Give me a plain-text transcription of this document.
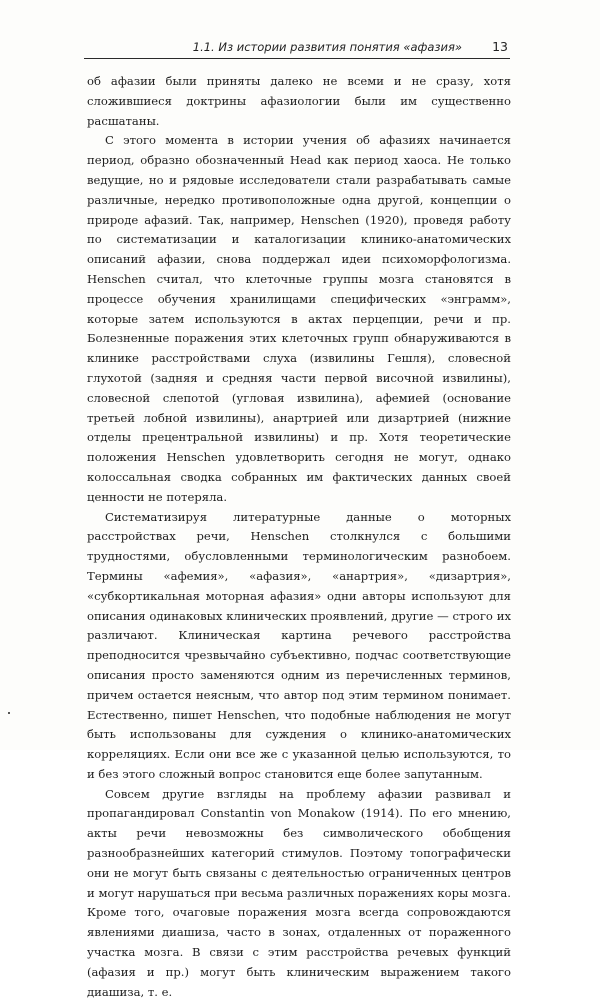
1.1. Из истории развития понятия «афазия» 13

об афазии были приняты далеко не всеми и не сразу, хотя сложившиеся доктрины афазиологии были им существенно расшатаны.

С этого момента в истории учения об афазиях начинается период, образно обозначенный Head как период хаоса. Не только ведущие, но и рядовые исследователи стали разрабатывать самые различные, нередко противоположные одна другой, концепции о природе афазий. Так, например, Henschen (1920), проведя работу по систематизации и каталогизации клинико-анатомических описаний афазии, снова поддержал идеи психоморфологизма. Henschen считал, что клеточные группы мозга становятся в процессе обучения хранилищами специфических «энграмм», которые затем используются в актах перцепции, речи и пр. Болезненные поражения этих клеточных групп обнаруживаются в клинике расстройствами слуха (извилины Гешля), словесной глухотой (задняя и средняя части первой височной извилины), словесной слепотой (угловая извилина), афемией (основание третьей лобной извилины), анартрией или дизартрией (нижние отделы прецентральной извилины) и пр. Хотя теоретические положения Henschen удовлетворить сегодня не могут, однако колоссальная сводка собранных им фактических данных своей ценности не потеряла.

Систематизируя литературные данные о моторных расстройствах речи, Henschen столкнулся с большими трудностями, обусловленными терминологическим разнобоем. Термины «афемия», «афазия», «анартрия», «дизартрия», «субкортикальная моторная афазия» одни авторы используют для описания одинаковых клинических проявлений, другие — строго их различают. Клиническая картина речевого расстройства преподносится чрезвычайно субъективно, подчас соответствующие описания просто заменяются одним из перечисленных терминов, причем остается неясным, что автор под этим термином понимает. Естественно, пишет Henschen, что подобные наблюдения не могут быть использованы для суждения о клинико-анатомических корреляциях. Если они все же с указанной целью используются, то и без этого сложный вопрос становится еще более запутанным.

Совсем другие взгляды на проблему афазии развивал и пропагандировал Constantin von Monakow (1914). По его мнению, акты речи невозможны без символического обобщения разнообразнейших категорий стимулов. Поэтому топографически они не могут быть связаны с деятельностью ограниченных центров и могут нарушаться при весьма различных поражениях коры мозга. Кроме того, очаговые поражения мозга всегда сопровождаются явлениями диашиза, часто в зонах, отдаленных от пораженного участка мозга. В связи с этим расстройства речевых функций (афазия и пр.) могут быть клиническим выражением такого диашиза, т. е.
